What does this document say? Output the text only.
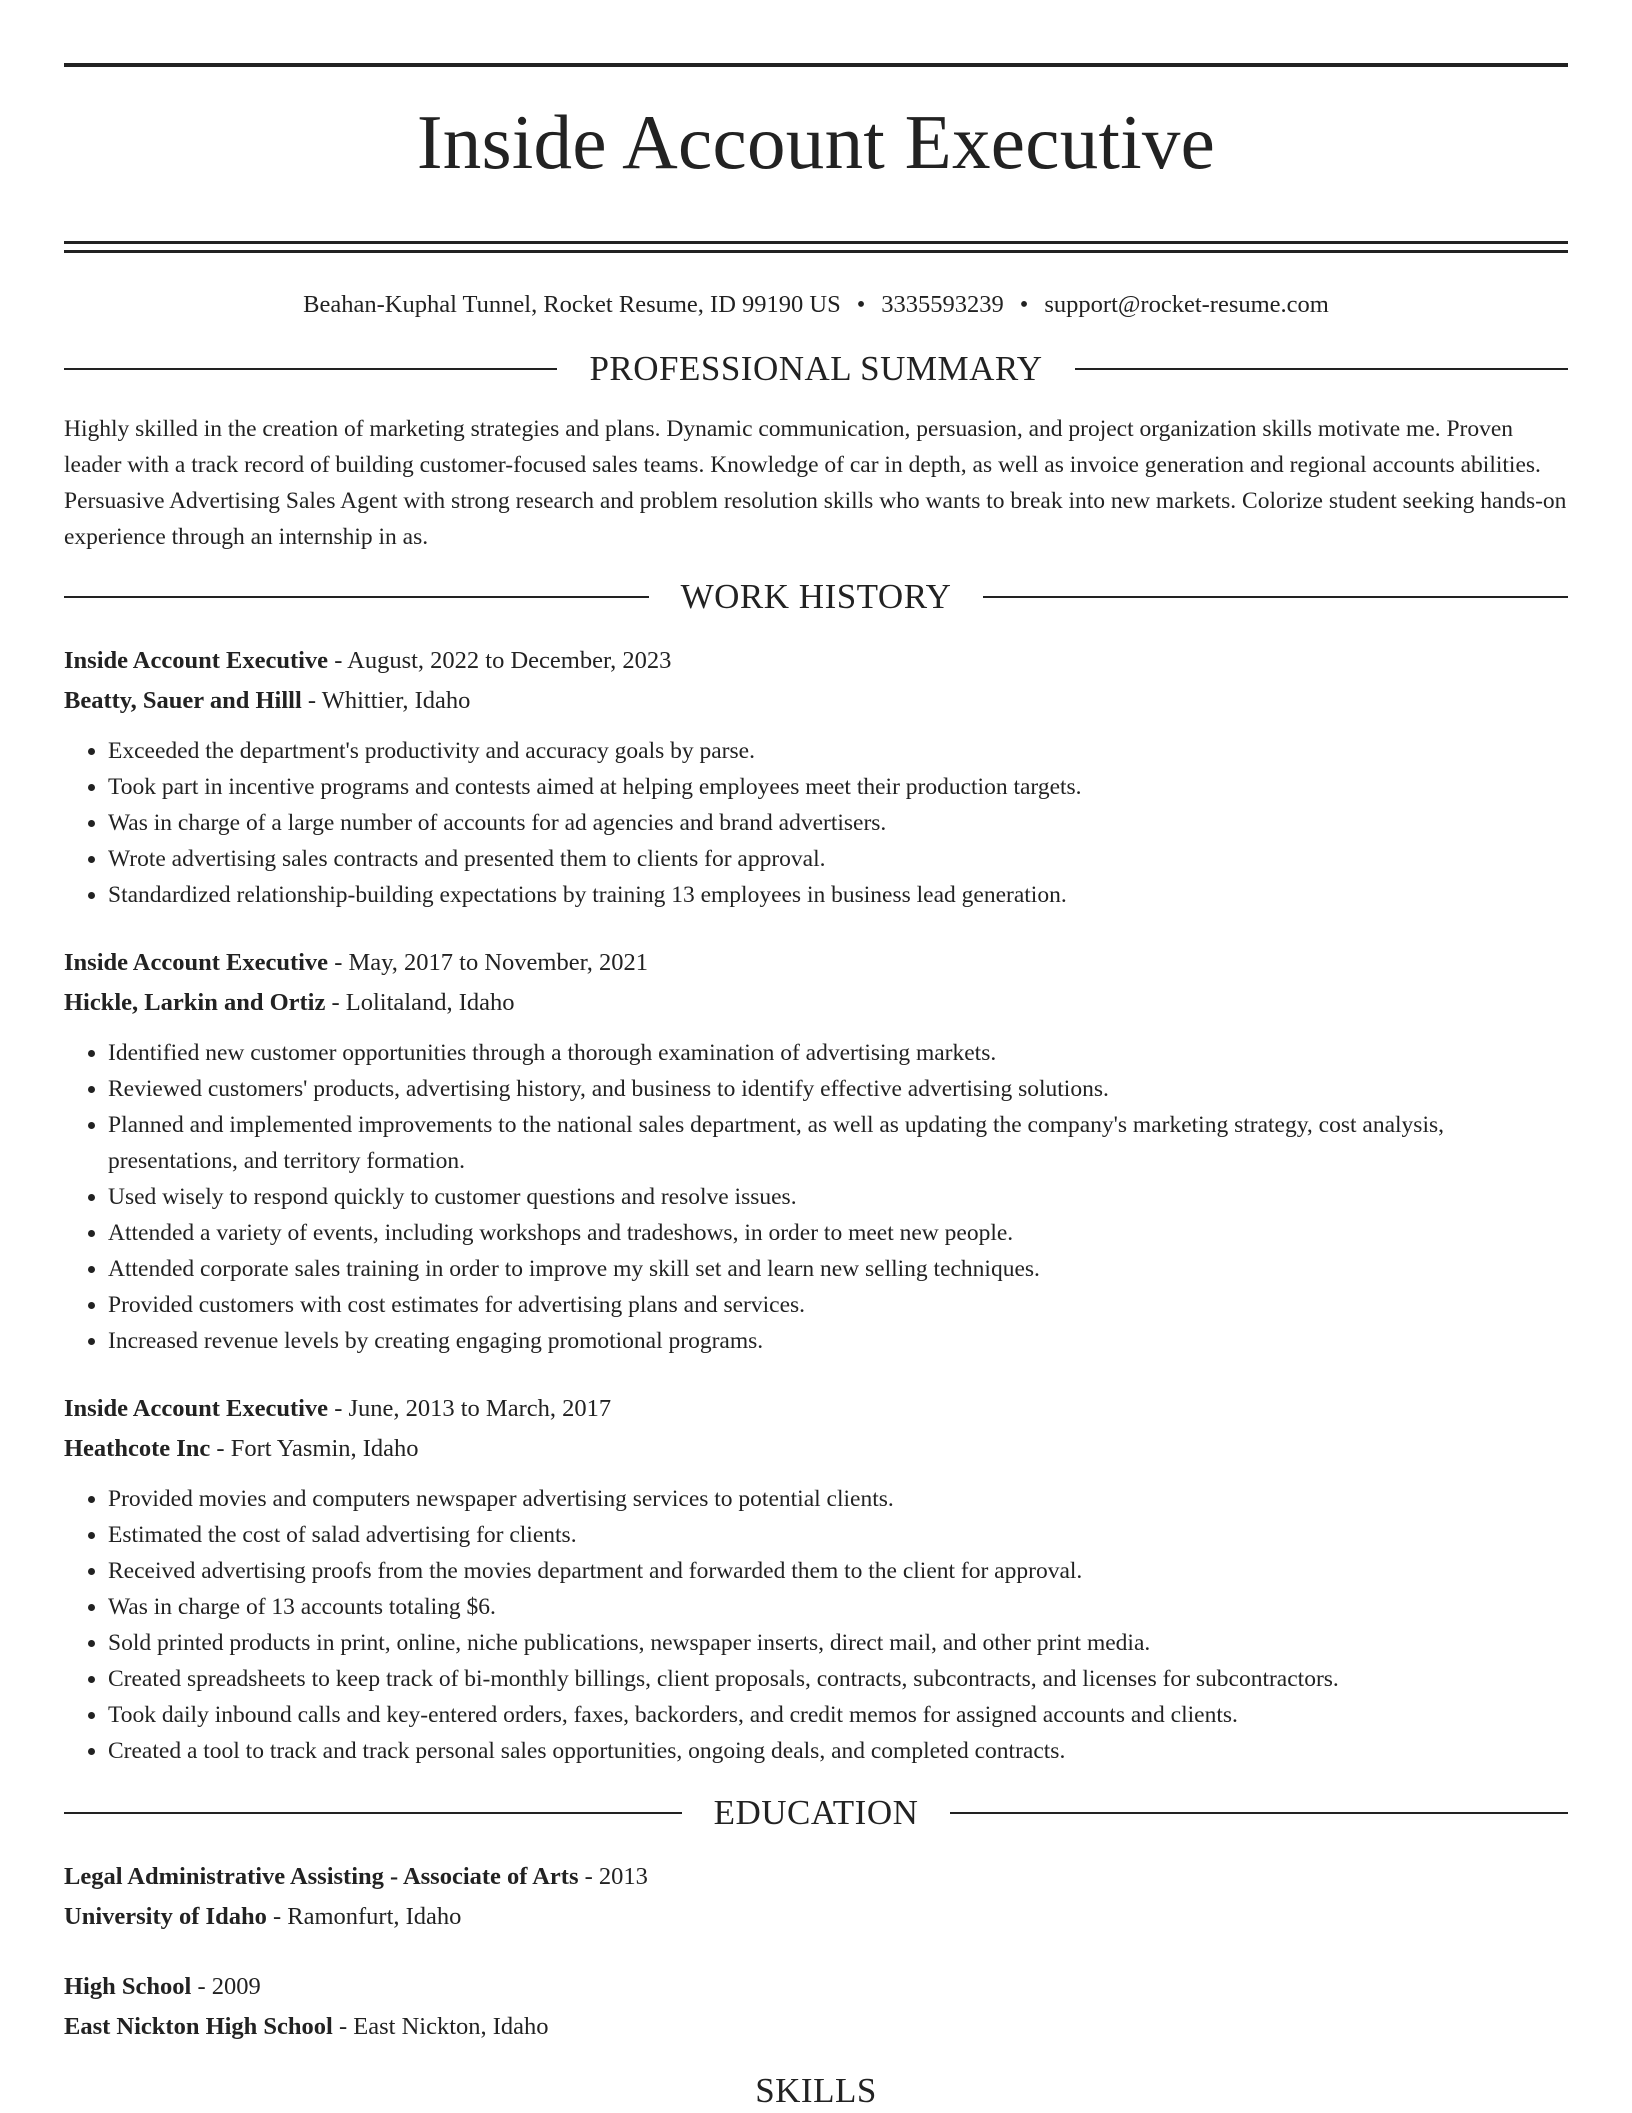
Inside Account Executive
Beahan-Kuphal Tunnel, Rocket Resume, ID 99190 US • 3335593239 • support@rocket-resume.com
PROFESSIONAL SUMMARY

Highly skilled in the creation of marketing strategies and plans. Dynamic communication, persuasion, and project organization skills motivate me. Proven leader with a track record of building customer-focused sales teams. Knowledge of car in depth, as well as invoice generation and regional accounts abilities. Persuasive Advertising Sales Agent with strong research and problem resolution skills who wants to break into new markets. Colorize student seeking hands-on experience through an internship in as.

WORK HISTORY
Inside Account Executive - August, 2022 to December, 2023
Beatty, Sauer and Hilll - Whittier, Idaho
• Exceeded the department's productivity and accuracy goals by parse.
• Took part in incentive programs and contests aimed at helping employees meet their production targets.
• Was in charge of a large number of accounts for ad agencies and brand advertisers.
• Wrote advertising sales contracts and presented them to clients for approval.
• Standardized relationship-building expectations by training 13 employees in business lead generation.
Inside Account Executive - May, 2017 to November, 2021
Hickle, Larkin and Ortiz - Lolitaland, Idaho
• Identified new customer opportunities through a thorough examination of advertising markets.
• Reviewed customers' products, advertising history, and business to identify effective advertising solutions.
• Planned and implemented improvements to the national sales department, as well as updating the company's marketing strategy, cost analysis, presentations, and territory formation.
• Used wisely to respond quickly to customer questions and resolve issues.
• Attended a variety of events, including workshops and tradeshows, in order to meet new people.
• Attended corporate sales training in order to improve my skill set and learn new selling techniques.
• Provided customers with cost estimates for advertising plans and services.
• Increased revenue levels by creating engaging promotional programs.
Inside Account Executive - June, 2013 to March, 2017
Heathcote Inc - Fort Yasmin, Idaho
• Provided movies and computers newspaper advertising services to potential clients.
• Estimated the cost of salad advertising for clients.
• Received advertising proofs from the movies department and forwarded them to the client for approval.
• Was in charge of 13 accounts totaling $6.
• Sold printed products in print, online, niche publications, newspaper inserts, direct mail, and other print media.
• Created spreadsheets to keep track of bi-monthly billings, client proposals, contracts, subcontracts, and licenses for subcontractors.
• Took daily inbound calls and key-entered orders, faxes, backorders, and credit memos for assigned accounts and clients.
• Created a tool to track and track personal sales opportunities, ongoing deals, and completed contracts.
EDUCATION
Legal Administrative Assisting - Associate of Arts - 2013
University of Idaho - Ramonfurt, Idaho
High School - 2009
East Nickton High School - East Nickton, Idaho
SKILLS
